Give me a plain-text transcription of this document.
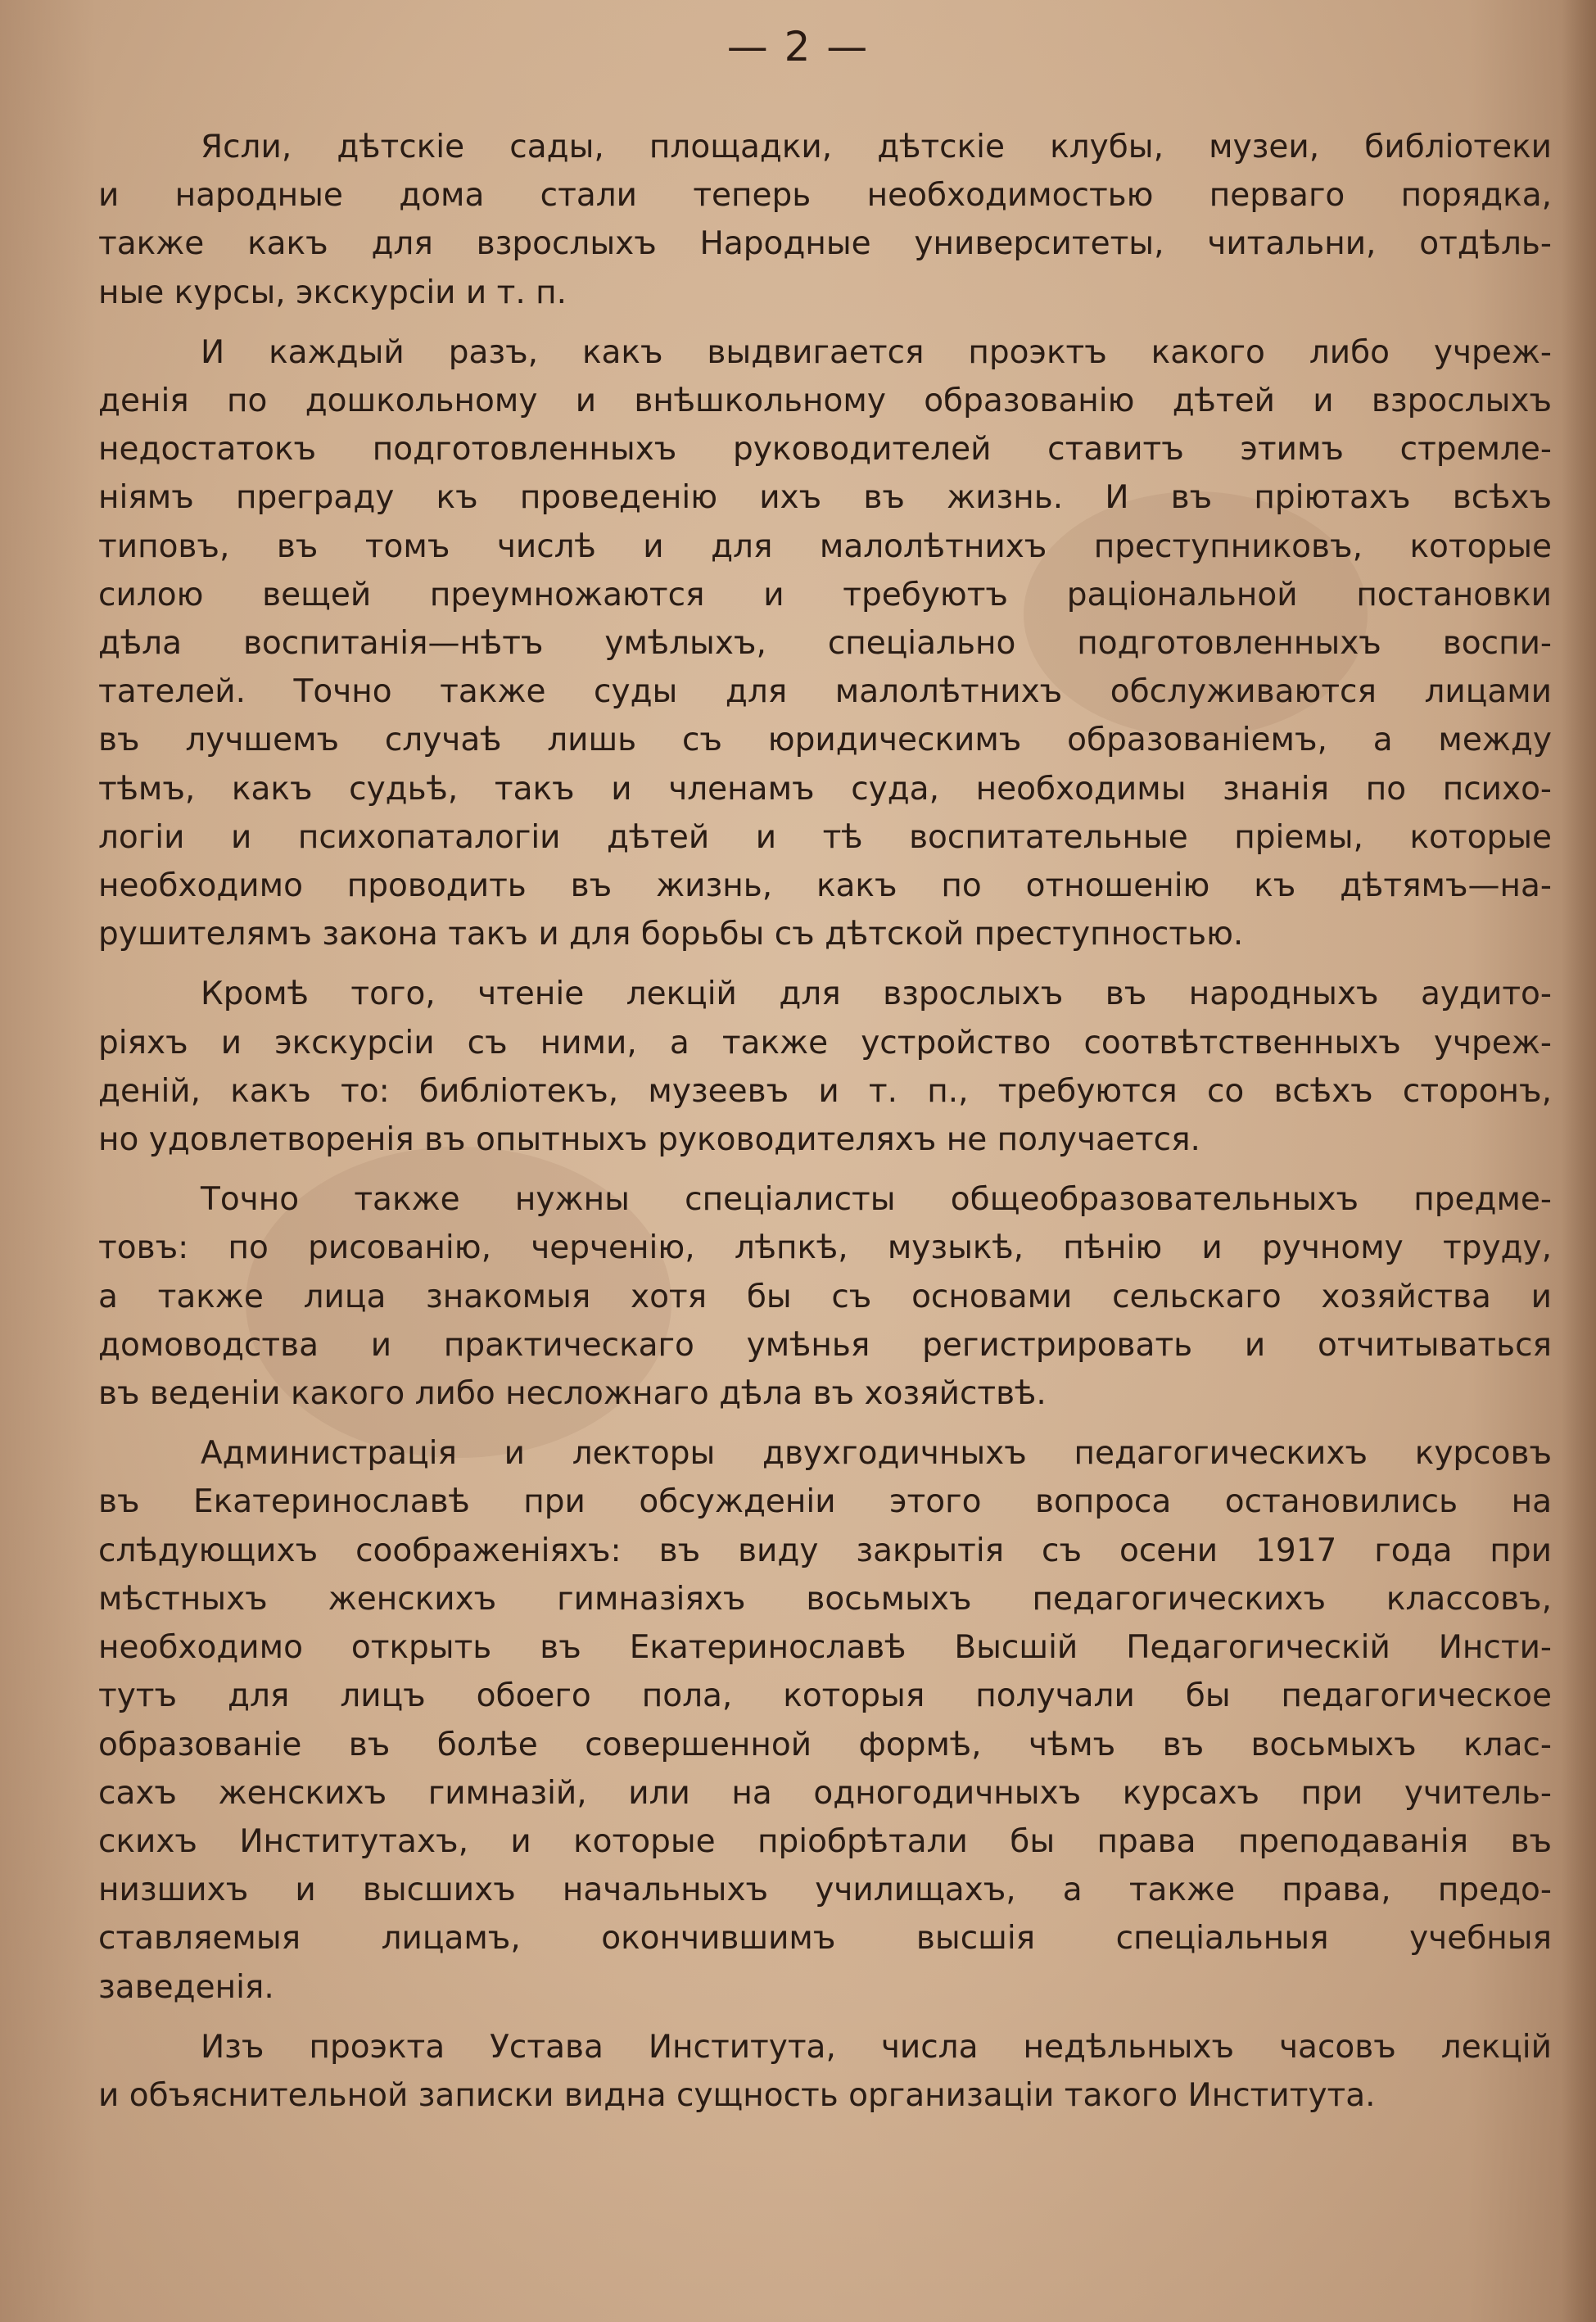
— 2 —

Ясли, дѣтскіе сады, площадки, дѣтскіе клубы, музеи, библіотеки
и народные дома стали теперь необходимостью перваго порядка,
также какъ для взрослыхъ Народные университеты, читальни, отдѣль-
ные курсы, экскурсіи и т. п.

И каждый разъ, какъ выдвигается проэктъ какого либо учреж-
денія по дошкольному и внѣшкольному образованію дѣтей и взрослыхъ
недостатокъ подготовленныхъ руководителей ставитъ этимъ стремле-
ніямъ преграду къ проведенію ихъ въ жизнь. И въ пріютахъ всѣхъ
типовъ, въ томъ числѣ и для малолѣтнихъ преступниковъ, которые
силою вещей преумножаются и требуютъ раціональной постановки
дѣла воспитанія—нѣтъ умѣлыхъ, спеціально подготовленныхъ воспи-
тателей. Точно также суды для малолѣтнихъ обслуживаются лицами
въ лучшемъ случаѣ лишь съ юридическимъ образованіемъ, а между
тѣмъ, какъ судьѣ, такъ и членамъ суда, необходимы знанія по психо-
логіи и психопаталогіи дѣтей и тѣ воспитательные пріемы, которые
необходимо проводить въ жизнь, какъ по отношенію къ дѣтямъ—на-
рушителямъ закона такъ и для борьбы съ дѣтской преступностью.

Кромѣ того, чтеніе лекцій для взрослыхъ въ народныхъ аудито-
ріяхъ и экскурсіи съ ними, а также устройство соотвѣтственныхъ учреж-
деній, какъ то: библіотекъ, музеевъ и т. п., требуются со всѣхъ сторонъ,
но удовлетворенія въ опытныхъ руководителяхъ не получается.

Точно также нужны спеціалисты общеобразовательныхъ предме-
товъ: по рисованію, черченію, лѣпкѣ, музыкѣ, пѣнію и ручному труду,
а также лица знакомыя хотя бы съ основами сельскаго хозяйства и
домоводства и практическаго умѣнья регистрировать и отчитываться
въ веденіи какого либо несложнаго дѣла въ хозяйствѣ.

Администрація и лекторы двухгодичныхъ педагогическихъ курсовъ
въ Екатеринославѣ при обсужденіи этого вопроса остановились на
слѣдующихъ соображеніяхъ: въ виду закрытія съ осени 1917 года при
мѣстныхъ женскихъ гимназіяхъ восьмыхъ педагогическихъ классовъ,
необходимо открыть въ Екатеринославѣ Высшій Педагогическій Инсти-
тутъ для лицъ обоего пола, которыя получали бы педагогическое
образованіе въ болѣе совершенной формѣ, чѣмъ въ восьмыхъ клас-
сахъ женскихъ гимназій, или на одногодичныхъ курсахъ при учитель-
скихъ Институтахъ, и которые пріобрѣтали бы права преподаванія въ
низшихъ и высшихъ начальныхъ училищахъ, а также права, предо-
ставляемыя лицамъ, окончившимъ высшія спеціальныя учебныя
заведенія.

Изъ проэкта Устава Института, числа недѣльныхъ часовъ лекцій
и объяснительной записки видна сущность организаціи такого Института.
